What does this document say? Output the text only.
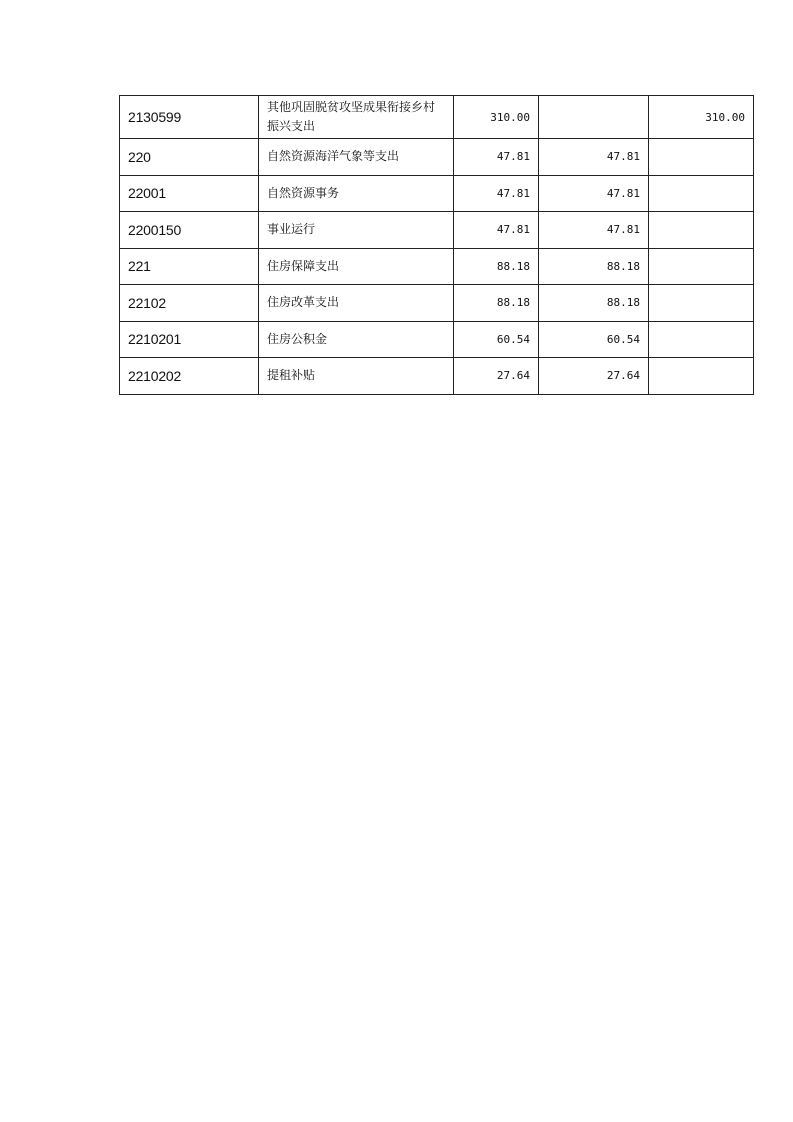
2130599	其他巩固脱贫攻坚成果衔接乡村振兴支出	310.00		310.00
220	自然资源海洋气象等支出	47.81	47.81	
22001	自然资源事务	47.81	47.81	
2200150	事业运行	47.81	47.81	
221	住房保障支出	88.18	88.18	
22102	住房改革支出	88.18	88.18	
2210201	住房公积金	60.54	60.54	
2210202	提租补贴	27.64	27.64	
